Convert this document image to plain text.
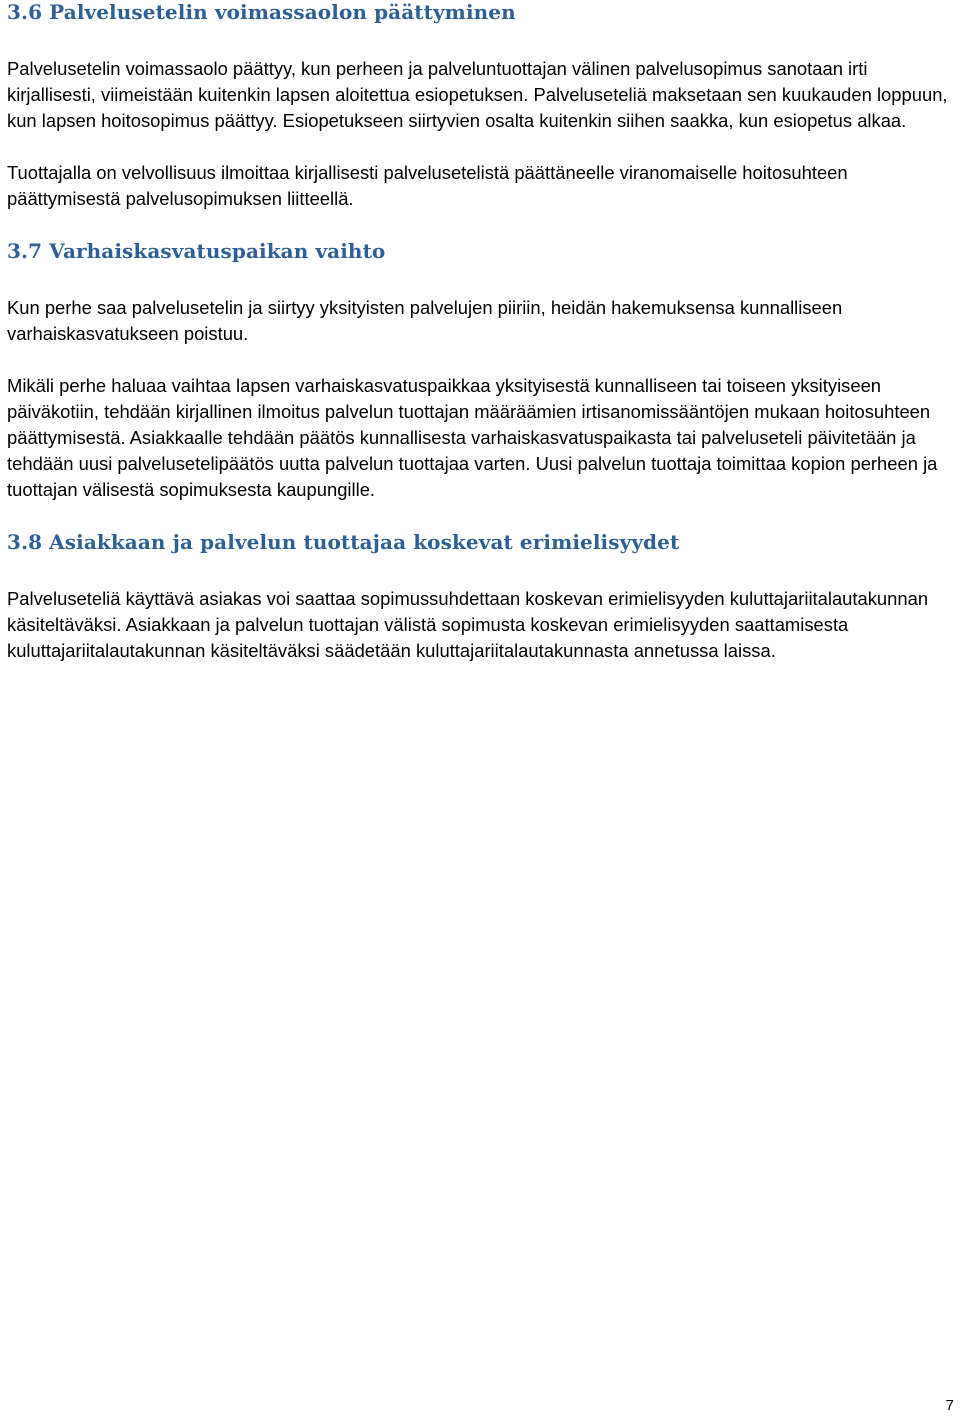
3.6 Palvelusetelin voimassaolon päättyminen

Palvelusetelin voimassaolo päättyy, kun perheen ja palveluntuottajan välinen palvelusopimus sanotaan irti kirjallisesti, viimeistään kuitenkin lapsen aloitettua esiopetuksen. Palveluseteliä maksetaan sen kuukauden loppuun, kun lapsen hoitosopimus päättyy. Esiopetukseen siirtyvien osalta kuitenkin siihen saakka, kun esiopetus alkaa.

Tuottajalla on velvollisuus ilmoittaa kirjallisesti palvelusetelistä päättäneelle viranomaiselle hoitosuhteen päättymisestä palvelusopimuksen liitteellä.

3.7 Varhaiskasvatuspaikan vaihto

Kun perhe saa palvelusetelin ja siirtyy yksityisten palvelujen piiriin, heidän hakemuksensa kunnalliseen varhaiskasvatukseen poistuu.

Mikäli perhe haluaa vaihtaa lapsen varhaiskasvatuspaikkaa yksityisestä kunnalliseen tai toiseen yksityiseen päiväkotiin, tehdään kirjallinen ilmoitus palvelun tuottajan määräämien irtisanomissääntöjen mukaan hoitosuhteen päättymisestä. Asiakkaalle tehdään päätös kunnallisesta varhaiskasvatuspaikasta tai palveluseteli päivitetään ja tehdään uusi palvelusetelipäätös uutta palvelun tuottajaa varten. Uusi palvelun tuottaja toimittaa kopion perheen ja tuottajan välisestä sopimuksesta kaupungille.

3.8 Asiakkaan ja palvelun tuottajaa koskevat erimielisyydet

Palveluseteliä käyttävä asiakas voi saattaa sopimussuhdettaan koskevan erimielisyyden kuluttajariitalautakunnan käsiteltäväksi. Asiakkaan ja palvelun tuottajan välistä sopimusta koskevan erimielisyyden saattamisesta kuluttajariitalautakunnan käsiteltäväksi säädetään kuluttajariitalautakunnasta annetussa laissa.

7
